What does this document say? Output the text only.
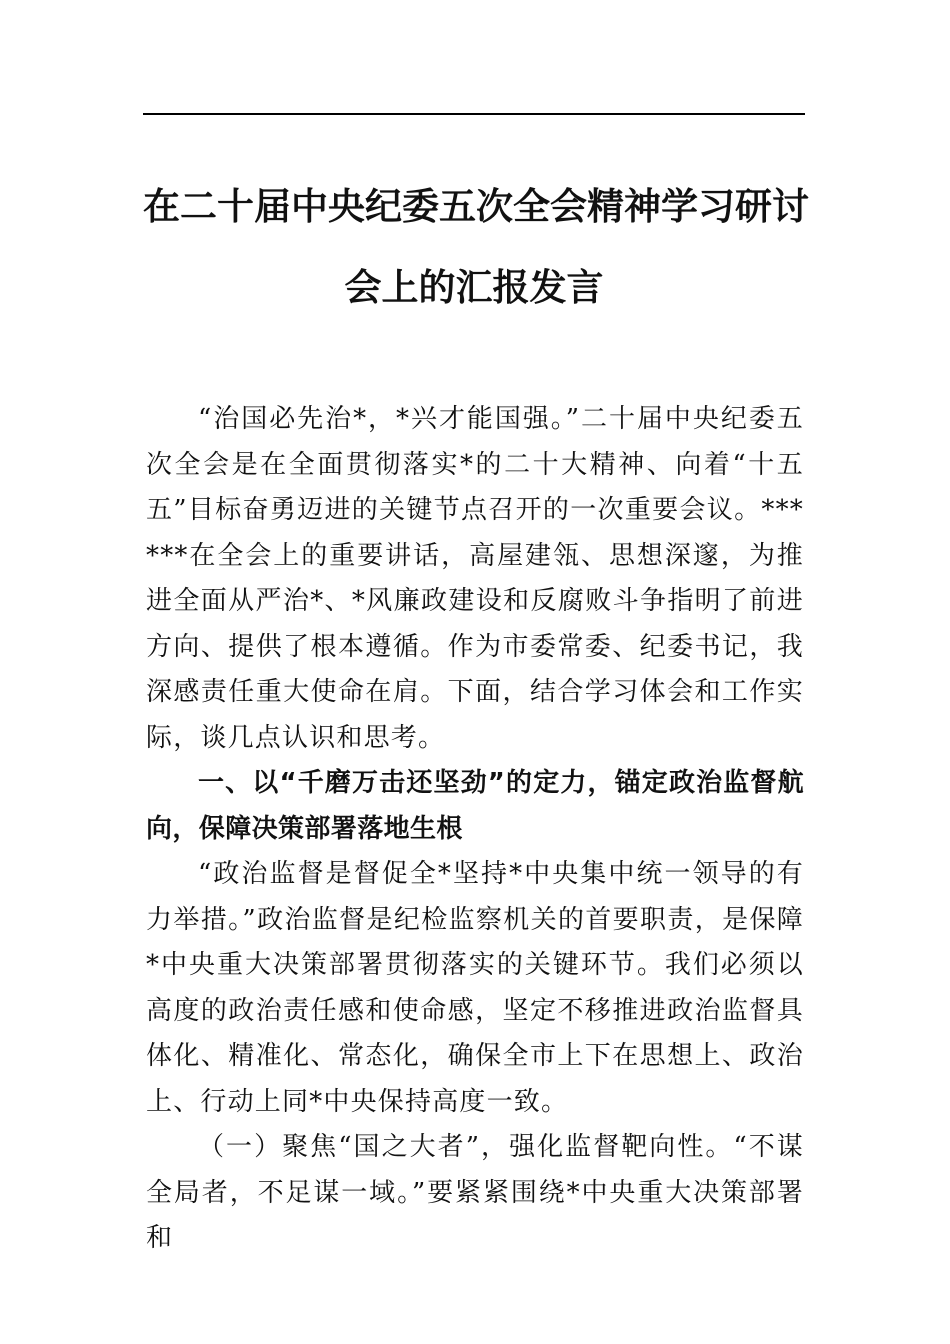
在二十届中央纪委五次全会精神学习研讨
会上的汇报发言

“治国必先治*，*兴才能国强。”二十届中央纪委五次全会是在全面贯彻落实*的二十大精神、向着“十五五”目标奋勇迈进的关键节点召开的一次重要会议。******在全会上的重要讲话，高屋建瓴、思想深邃，为推进全面从严治*、*风廉政建设和反腐败斗争指明了前进方向、提供了根本遵循。作为市委常委、纪委书记，我深感责任重大使命在肩。下面，结合学习体会和工作实际，谈几点认识和思考。

一、以“千磨万击还坚劲”的定力，锚定政治监督航向，保障决策部署落地生根

“政治监督是督促全*坚持*中央集中统一领导的有力举措。”政治监督是纪检监察机关的首要职责，是保障*中央重大决策部署贯彻落实的关键环节。我们必须以高度的政治责任感和使命感，坚定不移推进政治监督具体化、精准化、常态化，确保全市上下在思想上、政治上、行动上同*中央保持高度一致。

（一）聚焦“国之大者”，强化监督靶向性。“不谋全局者，不足谋一域。”要紧紧围绕*中央重大决策部署和
